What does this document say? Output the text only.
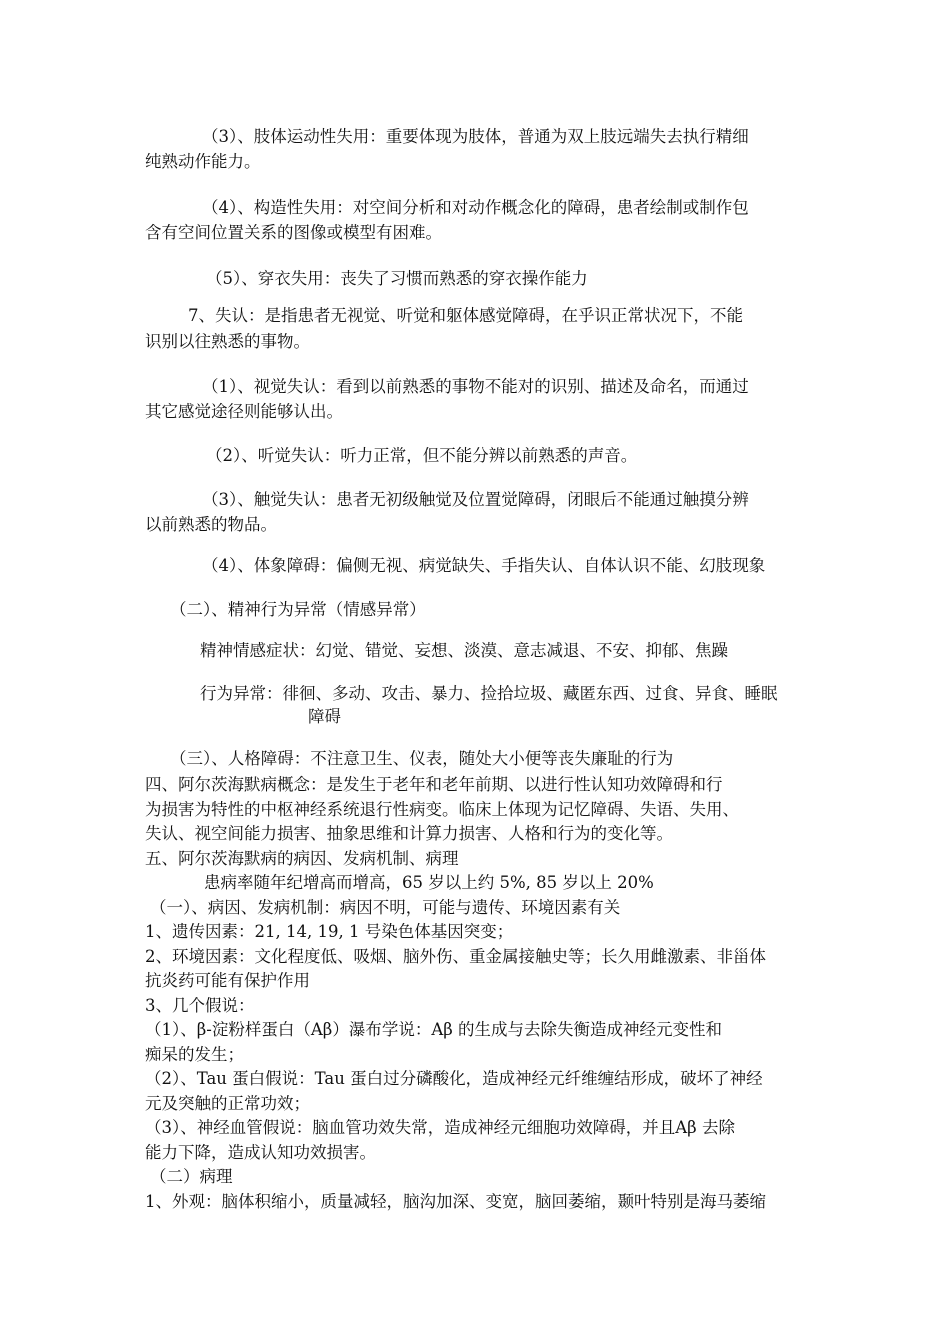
（3）、肢体运动性失用：重要体现为肢体，普通为双上肢远端失去执行精细
纯熟动作能力。
（4）、构造性失用：对空间分析和对动作概念化的障碍，患者绘制或制作包
含有空间位置关系的图像或模型有困难。
（5）、穿衣失用：丧失了习惯而熟悉的穿衣操作能力
7、失认：是指患者无视觉、听觉和躯体感觉障碍，在乎识正常状况下，不能
识别以往熟悉的事物。
（1）、视觉失认：看到以前熟悉的事物不能对的识别、描述及命名，而通过
其它感觉途径则能够认出。
（2）、听觉失认：听力正常，但不能分辨以前熟悉的声音。
（3）、触觉失认：患者无初级触觉及位置觉障碍，闭眼后不能通过触摸分辨
以前熟悉的物品。
（4）、体象障碍：偏侧无视、病觉缺失、手指失认、自体认识不能、幻肢现象
（二）、精神行为异常（情感异常）
精神情感症状：幻觉、错觉、妄想、淡漠、意志减退、不安、抑郁、焦躁
行为异常：徘徊、多动、攻击、暴力、捡拾垃圾、藏匿东西、过食、异食、睡眠
障碍
（三）、人格障碍：不注意卫生、仪表，随处大小便等丧失廉耻的行为
四、阿尔茨海默病概念：是发生于老年和老年前期、以进行性认知功效障碍和行
为损害为特性的中枢神经系统退行性病变。临床上体现为记忆障碍、失语、失用、
失认、视空间能力损害、抽象思维和计算力损害、人格和行为的变化等。
五、阿尔茨海默病的病因、发病机制、病理
患病率随年纪增高而增高，65 岁以上约 5%, 85 岁以上 20%
（一）、病因、发病机制：病因不明，可能与遗传、环境因素有关
1、遗传因素：21, 14, 19, 1 号染色体基因突变；
2、环境因素：文化程度低、吸烟、脑外伤、重金属接触史等；长久用雌激素、非甾体
抗炎药可能有保护作用
3、几个假说：
（1）、β-淀粉样蛋白（Aβ）瀑布学说：Aβ 的生成与去除失衡造成神经元变性和
痴呆的发生；
（2）、Tau 蛋白假说：Tau 蛋白过分磷酸化，造成神经元纤维缠结形成，破坏了神经
元及突触的正常功效；
（3）、神经血管假说：脑血管功效失常，造成神经元细胞功效障碍，并且Aβ 去除
能力下降，造成认知功效损害。
（二）病理
1、外观：脑体积缩小，质量减轻，脑沟加深、变宽，脑回萎缩，颞叶特别是海马萎缩
